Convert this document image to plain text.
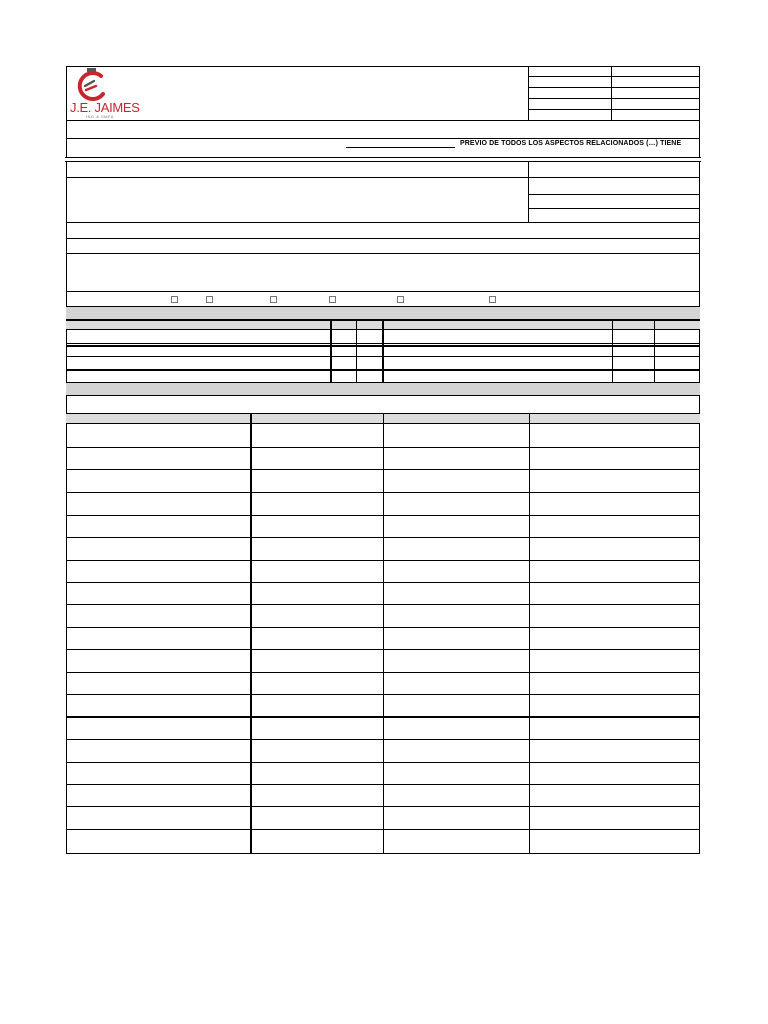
J.E. JAIMES
ING & SMFA
PREVIO DE TODOS LOS ASPECTOS RELACIONADOS (…) TIENE
